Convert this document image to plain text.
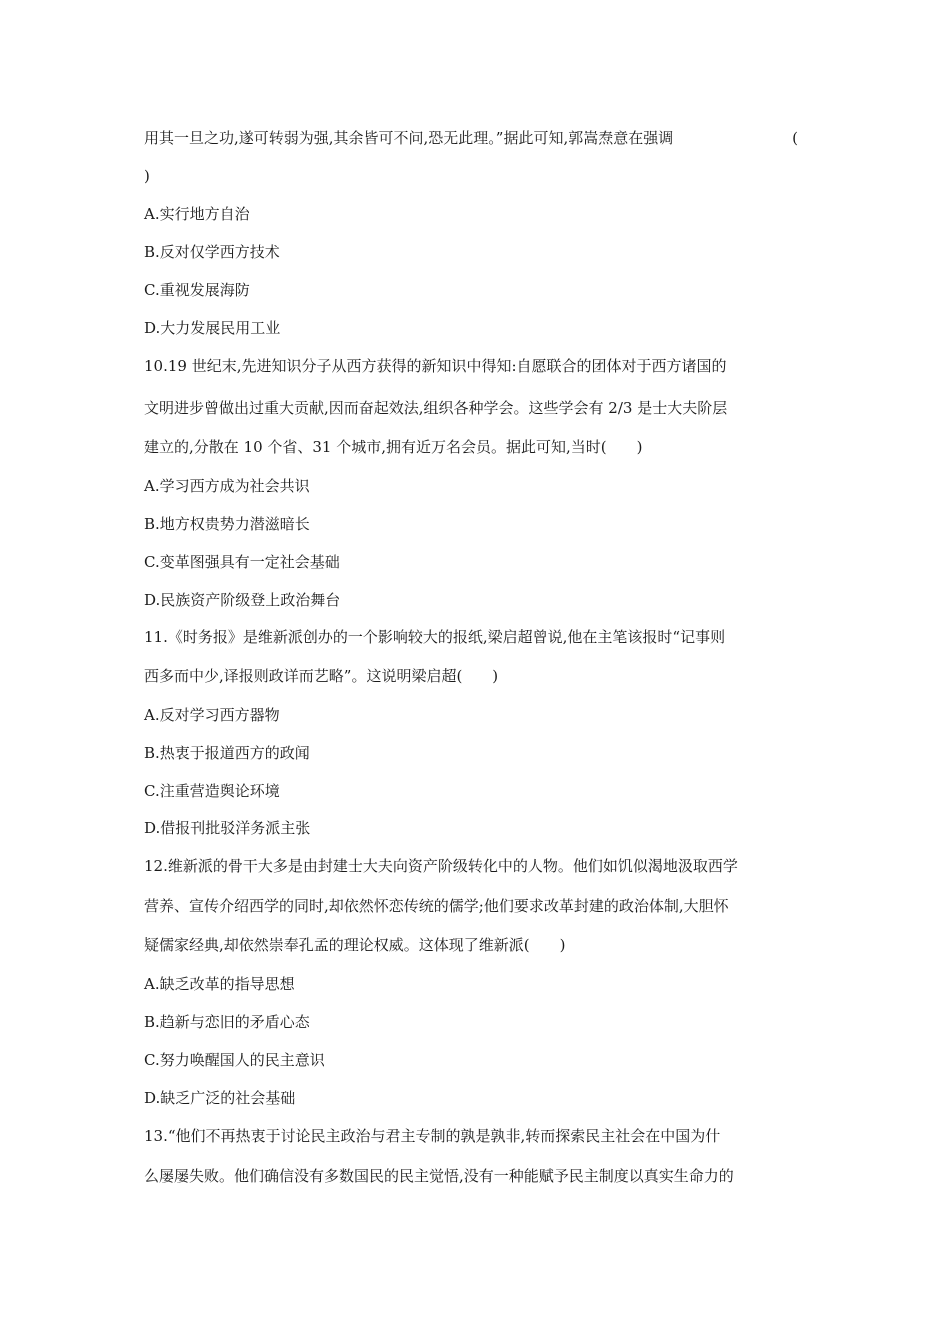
用其一旦之功,遂可转弱为强,其余皆可不问,恐无此理。”据此可知,郭嵩焘意在强调	(
)
A.实行地方自治
B.反对仅学西方技术
C.重视发展海防
D.大力发展民用工业
10.19 世纪末,先进知识分子从西方获得的新知识中得知:自愿联合的团体对于西方诸国的
文明进步曾做出过重大贡献,因而奋起效法,组织各种学会。这些学会有 2/3 是士大夫阶层
建立的,分散在 10 个省、31 个城市,拥有近万名会员。据此可知,当时(　　)
A.学习西方成为社会共识
B.地方权贵势力潜滋暗长
C.变革图强具有一定社会基础
D.民族资产阶级登上政治舞台
11.《时务报》是维新派创办的一个影响较大的报纸,梁启超曾说,他在主笔该报时“记事则
西多而中少,译报则政详而艺略”。这说明梁启超(　　)
A.反对学习西方器物
B.热衷于报道西方的政闻
C.注重营造舆论环境
D.借报刊批驳洋务派主张
12.维新派的骨干大多是由封建士大夫向资产阶级转化中的人物。他们如饥似渴地汲取西学
营养、宣传介绍西学的同时,却依然怀恋传统的儒学;他们要求改革封建的政治体制,大胆怀
疑儒家经典,却依然崇奉孔孟的理论权威。这体现了维新派(　　)
A.缺乏改革的指导思想
B.趋新与恋旧的矛盾心态
C.努力唤醒国人的民主意识
D.缺乏广泛的社会基础
13.“他们不再热衷于讨论民主政治与君主专制的孰是孰非,转而探索民主社会在中国为什
么屡屡失败。他们确信没有多数国民的民主觉悟,没有一种能赋予民主制度以真实生命力的
